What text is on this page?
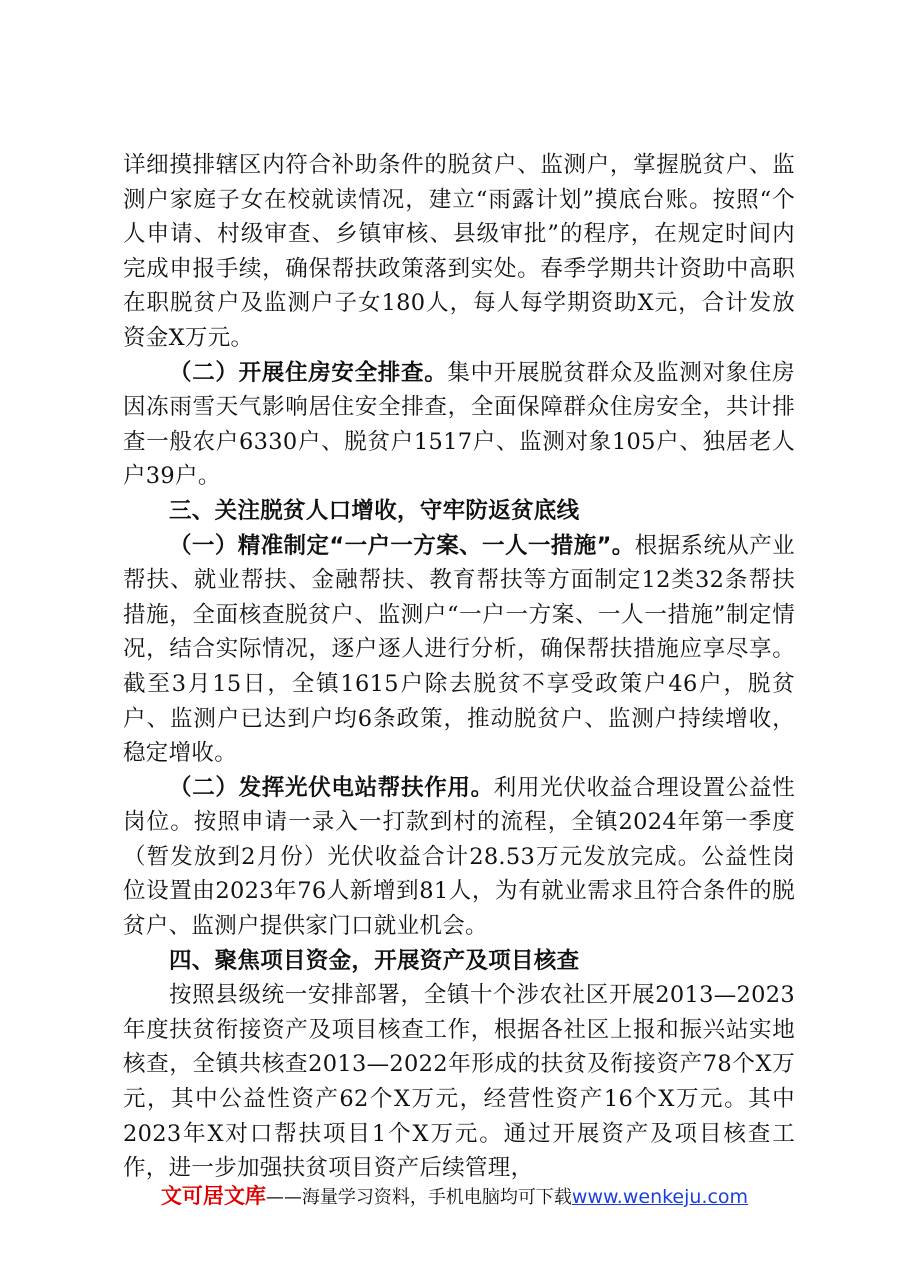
详细摸排辖区内符合补助条件的脱贫户、监测户，掌握脱贫户、监测户家庭子女在校就读情况，建立“雨露计划”摸底台账。按照“个人申请、村级审查、乡镇审核、县级审批”的程序，在规定时间内完成申报手续，确保帮扶政策落到实处。春季学期共计资助中高职在职脱贫户及监测户子女180人，每人每学期资助X元，合计发放资金X万元。

（二）开展住房安全排查。集中开展脱贫群众及监测对象住房因冻雨雪天气影响居住安全排查，全面保障群众住房安全，共计排查一般农户6330户、脱贫户1517户、监测对象105户、独居老人户39户。

三、关注脱贫人口增收，守牢防返贫底线

（一）精准制定“一户一方案、一人一措施”。根据系统从产业帮扶、就业帮扶、金融帮扶、教育帮扶等方面制定12类32条帮扶措施，全面核查脱贫户、监测户“一户一方案、一人一措施”制定情况，结合实际情况，逐户逐人进行分析，确保帮扶措施应享尽享。截至3月15日，全镇1615户除去脱贫不享受政策户46户，脱贫户、监测户已达到户均6条政策，推动脱贫户、监测户持续增收，稳定增收。

（二）发挥光伏电站帮扶作用。利用光伏收益合理设置公益性岗位。按照申请一录入一打款到村的流程，全镇2024年第一季度（暂发放到2月份）光伏收益合计28.53万元发放完成。公益性岗位设置由2023年76人新增到81人，为有就业需求且符合条件的脱贫户、监测户提供家门口就业机会。

四、聚焦项目资金，开展资产及项目核查

按照县级统一安排部署，全镇十个涉农社区开展2013—2023年度扶贫衔接资产及项目核查工作，根据各社区上报和振兴站实地核查，全镇共核查2013—2022年形成的扶贫及衔接资产78个X万元，其中公益性资产62个X万元，经营性资产16个X万元。其中2023年X对口帮扶项目1个X万元。通过开展资产及项目核查工作，进一步加强扶贫项目资产后续管理，

文可居文库——海量学习资料，手机电脑均可下载www.wenkeju.com
